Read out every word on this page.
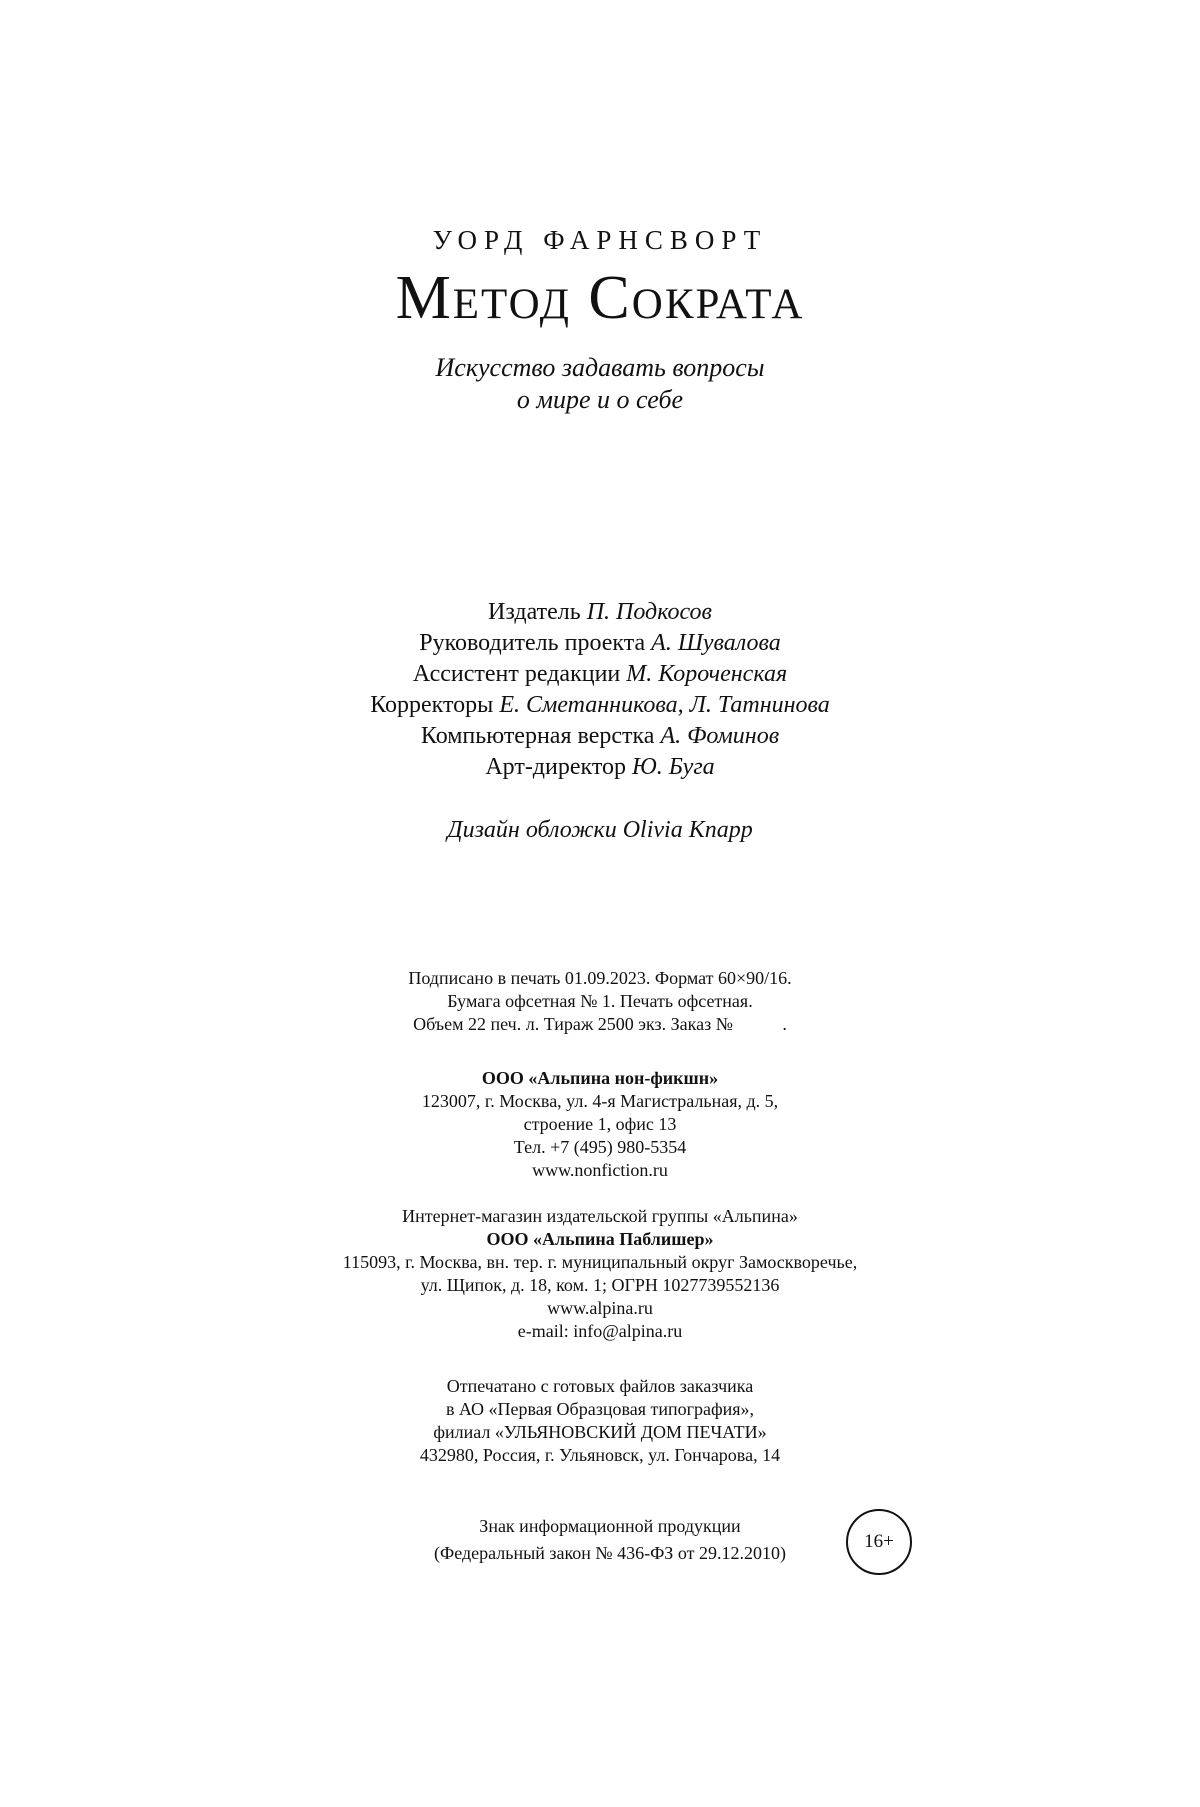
УОРД ФАРНСВОРТ
Метод Сократа
Искусство задавать вопросы
о мире и о себе
Издатель П. Подкосов
Руководитель проекта А. Шувалова
Ассистент редакции М. Короченская
Корректоры Е. Сметанникова, Л. Татнинова
Компьютерная верстка А. Фоминов
Арт-директор Ю. Буга
Дизайн обложки Olivia Knapp
Подписано в печать 01.09.2023. Формат 60×90/16.
Бумага офсетная № 1. Печать офсетная.
Объем 22 печ. л. Тираж 2500 экз. Заказ №           .
ООО «Альпина нон-фикшн»
123007, г. Москва, ул. 4-я Магистральная, д. 5,
строение 1, офис 13
Тел. +7 (495) 980-5354
www.nonfiction.ru
Интернет-магазин издательской группы «Альпина»
ООО «Альпина Паблишер»
115093, г. Москва, вн. тер. г. муниципальный округ Замоскворечье,
ул. Щипок, д. 18, ком. 1; ОГРН 1027739552136
www.alpina.ru
e-mail: info@alpina.ru
Отпечатано с готовых файлов заказчика
в АО «Первая Образцовая типография»,
филиал «УЛЬЯНОВСКИЙ ДОМ ПЕЧАТИ»
432980, Россия, г. Ульяновск, ул. Гончарова, 14
Знак информационной продукции
(Федеральный закон № 436-ФЗ от 29.12.2010)
16+
